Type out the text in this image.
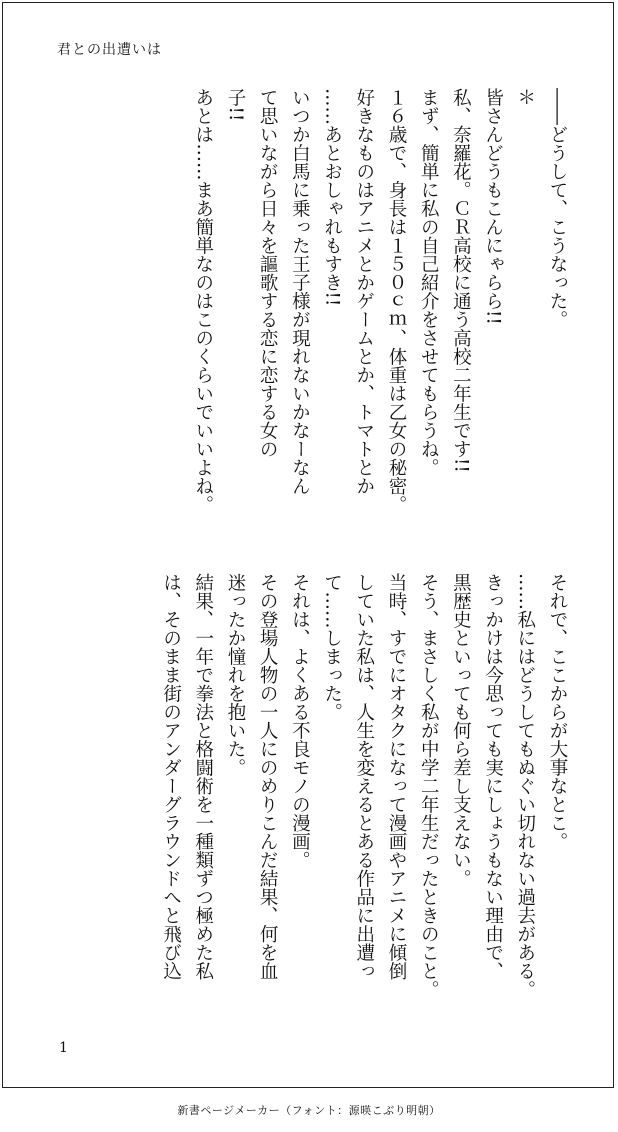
君との出遭いは

――どうして、こうなった。

＊

皆さんどうもこんにゃらら!!

私、奈羅花。ＣＲ高校に通う高校二年生です!!

まず、簡単に私の自己紹介をさせてもらうね。

１６歳で、身長は１５０ｃｍ、体重は乙女の秘密。

好きなものはアニメとかゲームとか、トマトとか

……あとおしゃれもすき!!

いつか白馬に乗った王子様が現れないかなーなん

て思いながら日々を謳歌する恋に恋する女の

子!!

あとは……まあ簡単なのはこのくらいでいいよね。

それで、ここからが大事なとこ。

……私にはどうしてもぬぐい切れない過去がある。

きっかけは今思っても実にしょうもない理由で、

黒歴史といっても何ら差し支えない。

そう、まさしく私が中学二年生だったときのこと。

当時、すでにオタクになって漫画やアニメに傾倒

していた私は、人生を変えるとある作品に出遭っ

て……しまった。

それは、よくある不良モノの漫画。

その登場人物の一人にのめりこんだ結果、何を血

迷ったか憧れを抱いた。

結果、一年で拳法と格闘術を一種類ずつ極めた私

は、そのまま街のアンダーグラウンドへと飛び込

1
新書ページメーカー（フォント：源暎こぶり明朝）
